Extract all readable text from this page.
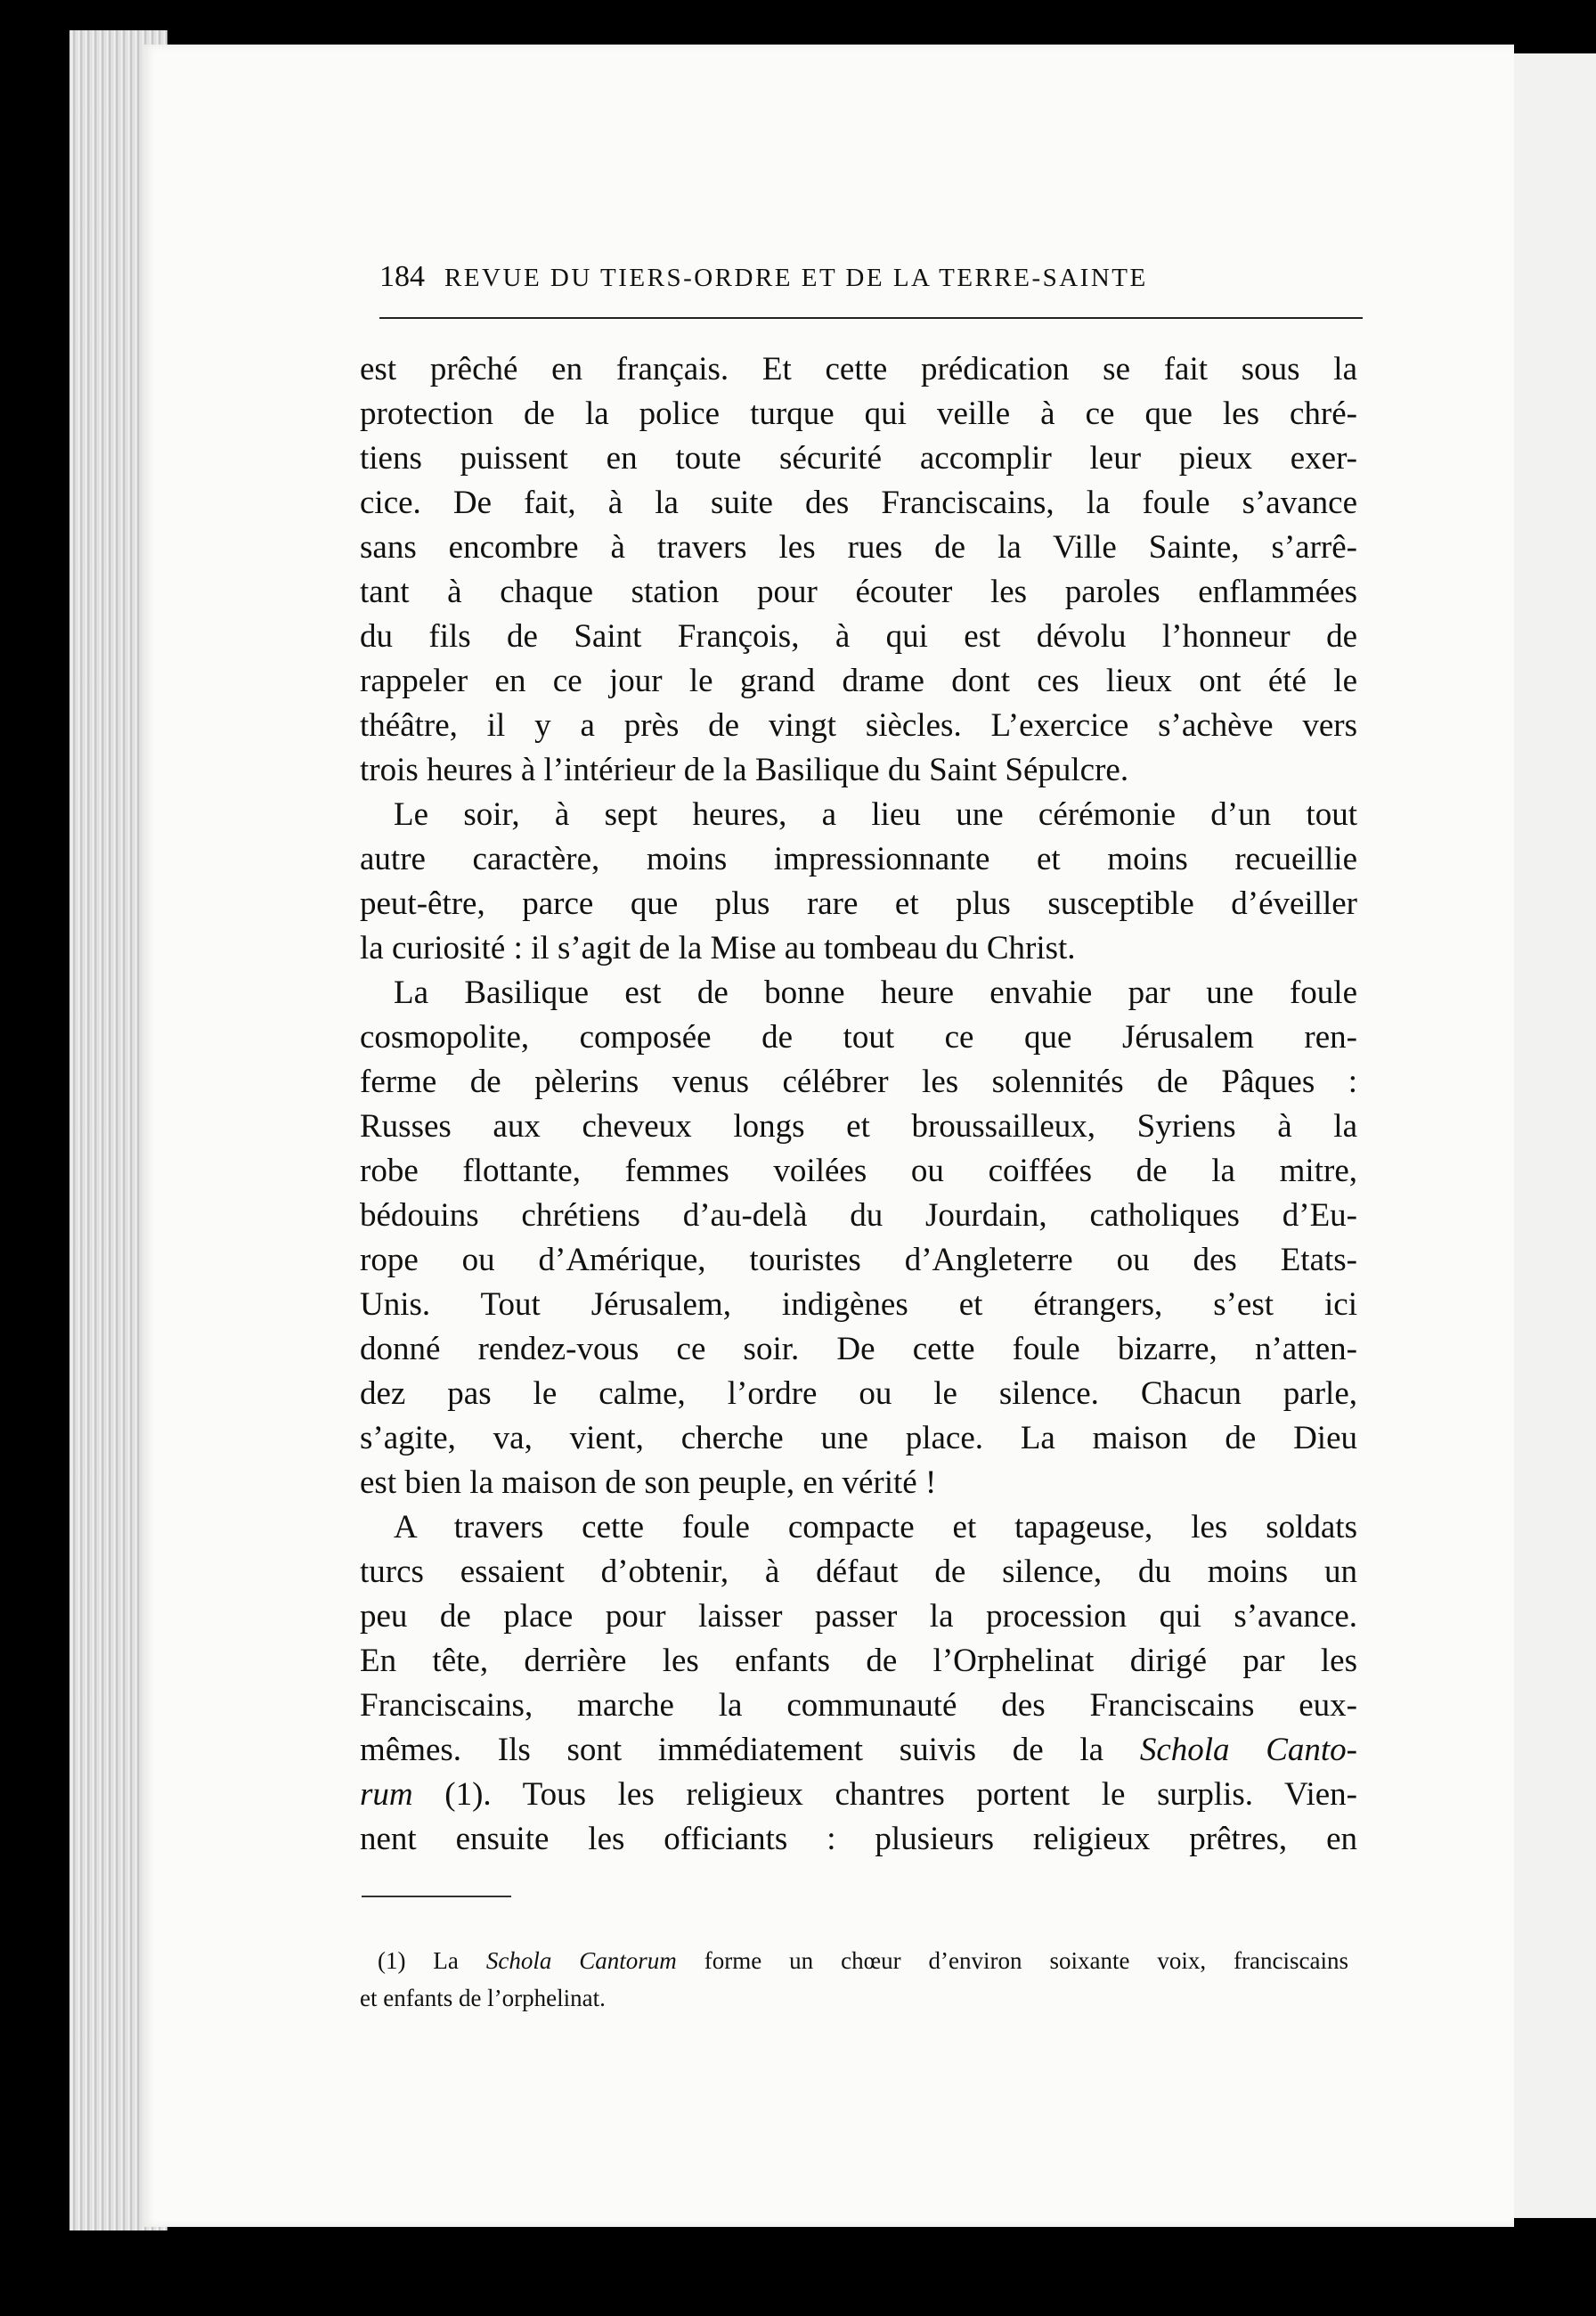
184 REVUE DU TIERS-ORDRE ET DE LA TERRE-SAINTE
est prêché en français. Et cette prédication se fait sous la
protection de la police turque qui veille à ce que les chré-
tiens puissent en toute sécurité accomplir leur pieux exer-
cice. De fait, à la suite des Franciscains, la foule s’avance
sans encombre à travers les rues de la Ville Sainte, s’arrê-
tant à chaque station pour écouter les paroles enflammées
du fils de Saint François, à qui est dévolu l’honneur de
rappeler en ce jour le grand drame dont ces lieux ont été le
théâtre, il y a près de vingt siècles. L’exercice s’achève vers
trois heures à l’intérieur de la Basilique du Saint Sépulcre.
Le soir, à sept heures, a lieu une cérémonie d’un tout
autre caractère, moins impressionnante et moins recueillie
peut-être, parce que plus rare et plus susceptible d’éveiller
la curiosité : il s’agit de la Mise au tombeau du Christ.
La Basilique est de bonne heure envahie par une foule
cosmopolite, composée de tout ce que Jérusalem ren-
ferme de pèlerins venus célébrer les solennités de Pâques :
Russes aux cheveux longs et broussailleux, Syriens à la
robe flottante, femmes voilées ou coiffées de la mitre,
bédouins chrétiens d’au-delà du Jourdain, catholiques d’Eu-
rope ou d’Amérique, touristes d’Angleterre ou des Etats-
Unis. Tout Jérusalem, indigènes et étrangers, s’est ici
donné rendez-vous ce soir. De cette foule bizarre, n’atten-
dez pas le calme, l’ordre ou le silence. Chacun parle,
s’agite, va, vient, cherche une place. La maison de Dieu
est bien la maison de son peuple, en vérité !
A travers cette foule compacte et tapageuse, les soldats
turcs essaient d’obtenir, à défaut de silence, du moins un
peu de place pour laisser passer la procession qui s’avance.
En tête, derrière les enfants de l’Orphelinat dirigé par les
Franciscains, marche la communauté des Franciscains eux-
mêmes. Ils sont immédiatement suivis de la Schola Canto-
rum (1). Tous les religieux chantres portent le surplis. Vien-
nent ensuite les officiants : plusieurs religieux prêtres, en
(1) La Schola Cantorum forme un chœur d’environ soixante voix, franciscains
et enfants de l’orphelinat.
